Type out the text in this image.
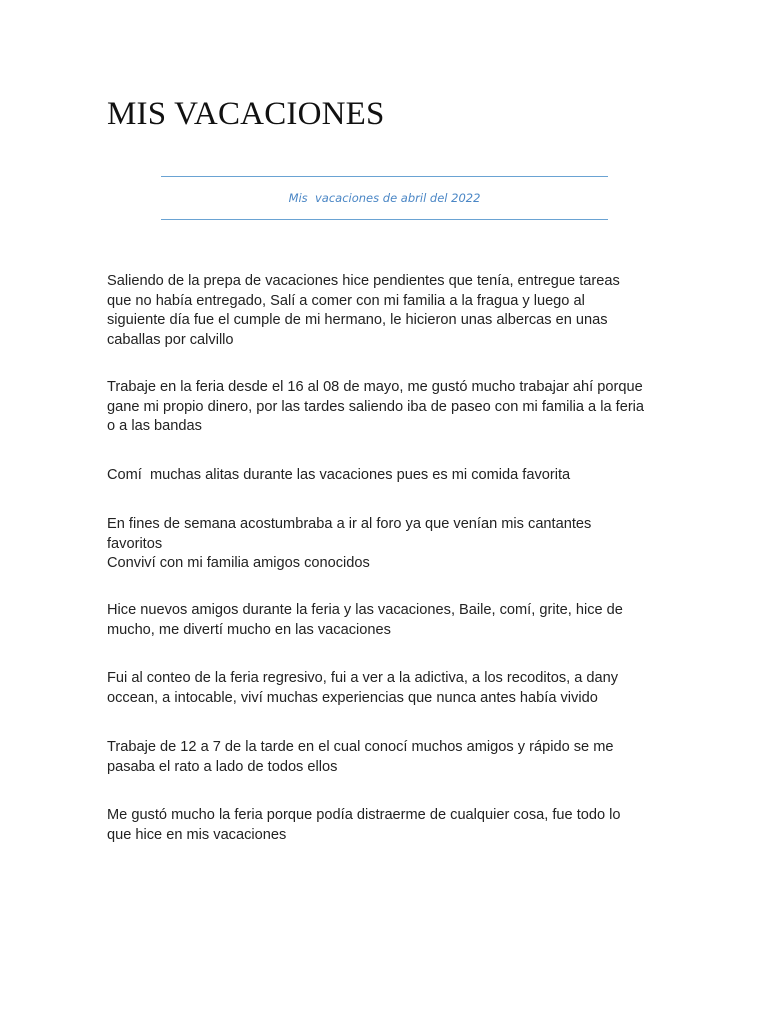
MIS VACACIONES
Mis  vacaciones de abril del 2022

Saliendo de la prepa de vacaciones hice pendientes que tenía, entregue tareas
que no había entregado, Salí a comer con mi familia a la fragua y luego al
siguiente día fue el cumple de mi hermano, le hicieron unas albercas en unas
caballas por calvillo

Trabaje en la feria desde el 16 al 08 de mayo, me gustó mucho trabajar ahí porque
gane mi propio dinero, por las tardes saliendo iba de paseo con mi familia a la feria
o a las bandas

Comí  muchas alitas durante las vacaciones pues es mi comida favorita

En fines de semana acostumbraba a ir al foro ya que venían mis cantantes
favoritos
Conviví con mi familia amigos conocidos

Hice nuevos amigos durante la feria y las vacaciones, Baile, comí, grite, hice de
mucho, me divertí mucho en las vacaciones

Fui al conteo de la feria regresivo, fui a ver a la adictiva, a los recoditos, a dany
occean, a intocable, viví muchas experiencias que nunca antes había vivido

Trabaje de 12 a 7 de la tarde en el cual conocí muchos amigos y rápido se me
pasaba el rato a lado de todos ellos

Me gustó mucho la feria porque podía distraerme de cualquier cosa, fue todo lo
que hice en mis vacaciones
